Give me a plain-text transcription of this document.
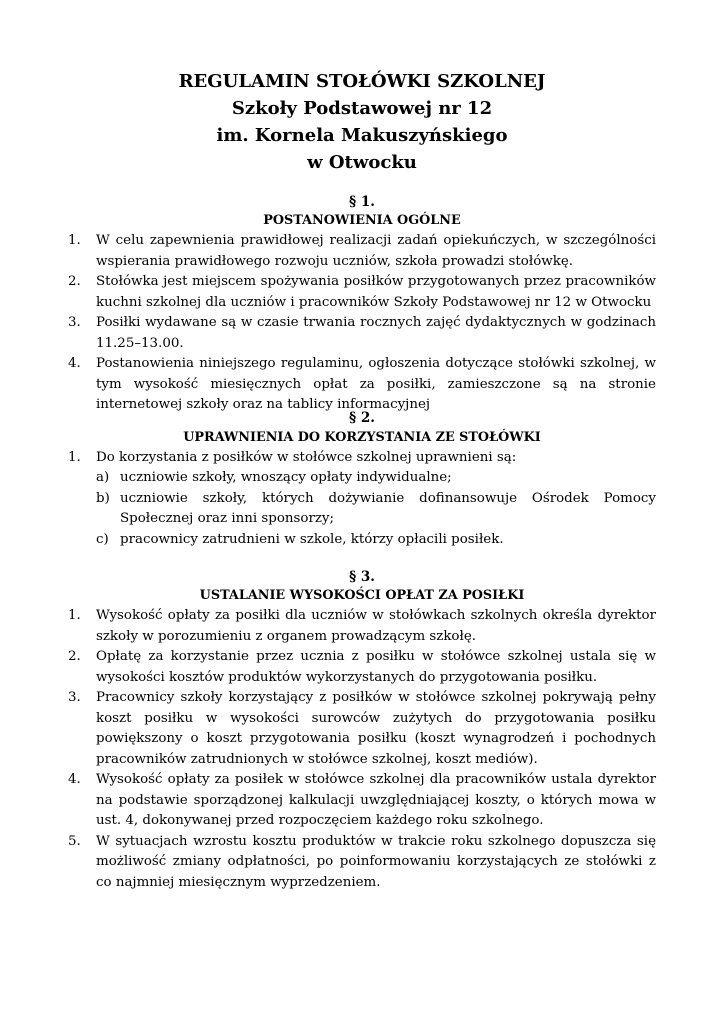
REGULAMIN STOŁÓWKI SZKOLNEJ
Szkoły Podstawowej nr 12
im. Kornela Makuszyńskiego
w Otwocku
§ 1.
POSTANOWIENIA OGÓLNE
1. W celu zapewnienia prawidłowej realizacji zadań opiekuńczych, w szczególności wspierania prawidłowego rozwoju uczniów, szkoła prowadzi stołówkę.
2. Stołówka jest miejscem spożywania posiłków przygotowanych przez pracowników kuchni szkolnej dla uczniów i pracowników Szkoły Podstawowej nr 12 w Otwocku
3. Posiłki wydawane są w czasie trwania rocznych zajęć dydaktycznych w godzinach 11.25–13.00.
4. Postanowienia niniejszego regulaminu, ogłoszenia dotyczące stołówki szkolnej, w tym wysokość miesięcznych opłat za posiłki, zamieszczone są na stronie internetowej szkoły oraz na tablicy informacyjnej
§ 2.
UPRAWNIENIA DO KORZYSTANIA ZE STOŁÓWKI
1. Do korzystania z posiłków w stołówce szkolnej uprawnieni są:
a) uczniowie szkoły, wnoszący opłaty indywidualne;
b) uczniowie szkoły, których dożywianie dofinansowuje Ośrodek Pomocy Społecznej oraz inni sponsorzy;
c) pracownicy zatrudnieni w szkole, którzy opłacili posiłek.
§ 3.
USTALANIE WYSOKOŚCI OPŁAT ZA POSIŁKI
1. Wysokość opłaty za posiłki dla uczniów w stołówkach szkolnych określa dyrektor szkoły w porozumieniu z organem prowadzącym szkołę.
2. Opłatę za korzystanie przez ucznia z posiłku w stołówce szkolnej ustala się w wysokości kosztów produktów wykorzystanych do przygotowania posiłku.
3. Pracownicy szkoły korzystający z posiłków w stołówce szkolnej pokrywają pełny koszt posiłku w wysokości surowców zużytych do przygotowania posiłku powiększony o koszt przygotowania posiłku (koszt wynagrodzeń i pochodnych pracowników zatrudnionych w stołówce szkolnej, koszt mediów).
4. Wysokość opłaty za posiłek w stołówce szkolnej dla pracowników ustala dyrektor na podstawie sporządzonej kalkulacji uwzględniającej koszty, o których mowa w ust. 4, dokonywanej przed rozpoczęciem każdego roku szkolnego.
5. W sytuacjach wzrostu kosztu produktów w trakcie roku szkolnego dopuszcza się możliwość zmiany odpłatności, po poinformowaniu korzystających ze stołówki z co najmniej miesięcznym wyprzedzeniem.
